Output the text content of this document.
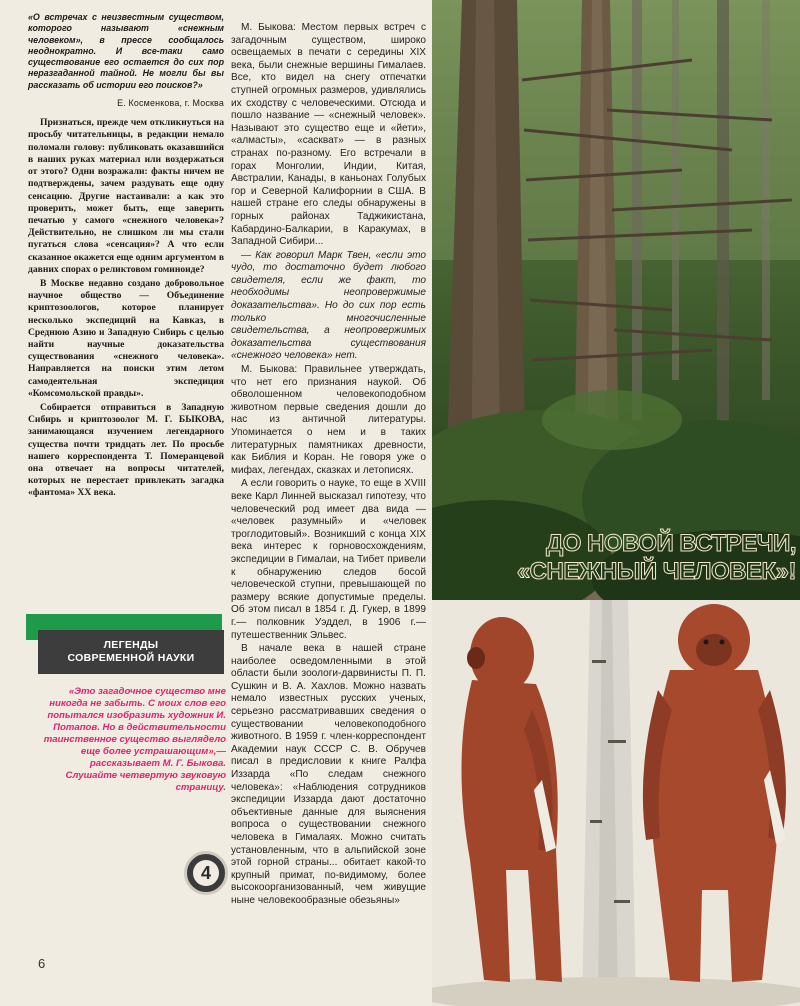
«О встречах с неизвестным существом, которого называют «снежным человеком», в прессе сообщалось неоднократно. И все-таки само существование его остается до сих пор неразгаданной тайной. Не могли бы вы рассказать об истории его поисков?»

Е. Косменкова, г. Москва

Признаться, прежде чем откликнуться на просьбу читательницы, в редакции немало поломали голову: публиковать оказавшийся в наших руках материал или воздержаться от этого? Одни возражали: факты ничем не подтверждены, зачем раздувать еще одну сенсацию. Другие настаивали: а как это проверить, может быть, еще заверить печатью у самого «снежного человека»? Действительно, не слишком ли мы стали пугаться слова «сенсация»? А что если сказанное окажется еще одним аргументом в давних спорах о реликтовом гоминоиде?

В Москве недавно создано добровольное научное общество — Объединение криптозоологов, которое планирует несколько экспедиций на Кавказ, в Среднюю Азию и Западную Сибирь с целью найти научные доказательства существования «снежного человека». Направляется на поиски этим летом самодеятельная экспедиция «Комсомольской правды».

Собирается отправиться в Западную Сибирь и криптозоолог М. Г. БЫКОВА, занимающаяся изучением легендарного существа почти тридцать лет. По просьбе нашего корреспондента Т. Померанцевой она отвечает на вопросы читателей, которых не перестает привлекать загадка «фантома» XX века.

ЛЕГЕНДЫ
СОВРЕМЕННОЙ НАУКИ

«Это загадочное существо мне никогда не забыть. С моих слов его попытался изобразить художник И. Потапов. Но в действительности таинственное существо выглядело еще более устрашающим»,— рассказывает М. Г. Быкова. Слушайте четвертую звуковую страницу.

4
6

М. Быкова: Местом первых встреч с загадочным существом, широко освещаемых в печати с середины XIX века, были снежные вершины Гималаев. Все, кто видел на снегу отпечатки ступней огромных размеров, удивлялись их сходству с человеческими. Отсюда и пошло название — «снежный человек». Называют это существо еще и «йети», «алмасты», «саскват» — в разных странах по-разному. Его встречали в горах Монголии, Индии, Китая, Австралии, Канады, в каньонах Голубых гор и Северной Калифорнии в США. В нашей стране его следы обнаружены в горных районах Таджикистана, Кабардино-Балкарии, в Каракумах, в Западной Сибири...

— Как говорил Марк Твен, «если это чудо, то достаточно будет любого свидетеля, если же факт, то необходимы неопровержимые доказательства». Но до сих пор есть только многочисленные свидетельства, а неопровержимых доказательства существования «снежного человека» нет.

М. Быкова: Правильнее утверждать, что нет его признания наукой. Об обволошенном человекоподобном животном первые сведения дошли до нас из античной литературы. Упоминается о нем и в таких литературных памятниках древности, как Библия и Коран. Не говоря уже о мифах, легендах, сказках и летописях.

А если говорить о науке, то еще в XVIII веке Карл Линней высказал гипотезу, что человеческий род имеет два вида — «человек разумный» и «человек троглодитовый». Возникший с конца XIX века интерес к горновосхождениям, экспедиции в Гималаи, на Тибет привели к обнаружению следов босой человеческой ступни, превышающей по размеру всякие допустимые пределы. Об этом писал в 1854 г. Д. Гукер, в 1899 г.— полковник Уэддел, в 1906 г.— путешественник Эльвес.

В начале века в нашей стране наиболее осведомленными в этой области были зоологи-дарвинисты П. П. Сушкин и В. А. Хахлов. Можно назвать немало известных русских ученых, серьезно рассматривавших сведения о существовании человекоподобного животного. В 1959 г. член-корреспондент Академии наук СССР С. В. Обручев писал в предисловии к книге Ралфа Иззарда «По следам снежного человека»: «Наблюдения сотрудников экспедиции Иззарда дают достаточно объективные данные для выяснения вопроса о существовании снежного человека в Гималаях. Можно считать установленным, что в альпийской зоне этой горной страны... обитает какой-то крупный примат, по-видимому, более высокоорганизованный, чем живущие ныне человекообразные обезьяны»

ДО НОВОЙ ВСТРЕЧИ,
«СНЕЖНЫЙ ЧЕЛОВЕК»!
